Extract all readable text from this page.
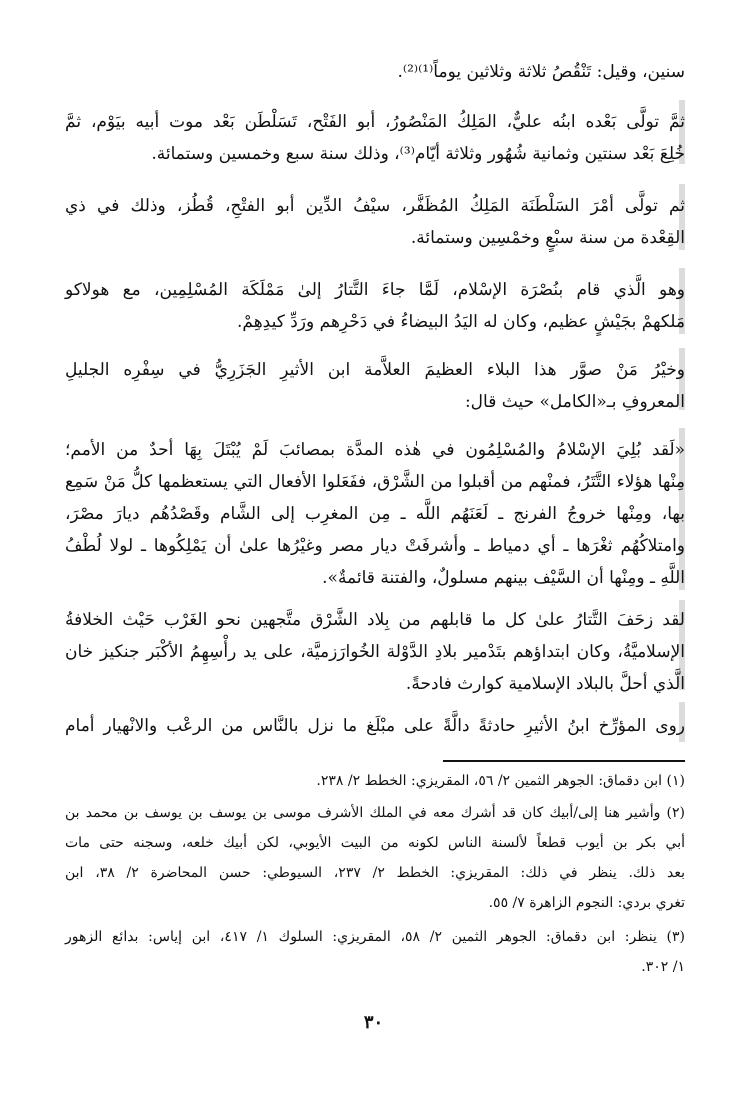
سنين، وقيل: تَنْقُصُ ثلاثة وثلاثين يوماً⁽¹⁾⁽²⁾.
ثمَّ تولَّى بَعْده ابنُه عليٌّ، المَلِكُ المَنْصُورُ، أبو الفَتْح، تَسَلْطَن بَعْد موت أبيه بيَوْم، ثمَّ
خُلِعَ بَعْد سنتين وثمانية شُهُور وثلاثة أيّام⁽³⁾، وذلك سنة سبع وخمسين وستمائة.
ثم تولَّى أمْرَ السَلْطَنَة المَلِكُ المُظَفَّر، سيْفُ الدِّين أبو الفتْحِ، قُطُز، وذلك في ذي
القِعْدة من سنة سبْعٍ وخمْسِين وستمائة.
وهو الَّذي قام بنُصْرَة الإسْلام، لَمَّا جاءَ التَّتارُ إلىٰ مَمْلَكَة المُسْلِمِين، مع هولاكو
مَلكهمْ بجَيْشٍ عظيم، وكان له اليَدُ البيضاءُ في دَحْرِهم ورَدِّ كيدِهِمْ.
وخيْرُ مَنْ صوَّر هذا البلاء العظيمَ العلاَّمة ابن الأثيرِ الجَزَرِيُّ في سِفْرِه الجليلِ
المعروفِ بـ«الكامل» حيث قال:
«لَقد بُلِيَ الإسْلامُ والمُسْلِمُون في هٰذه المدَّة بمصائبَ لَمْ يُبْتَلَ بِهَا أحدٌ من الأمم؛
مِنْها هؤلاء التَّتَرُ، فمنْهم من أقبلوا من الشَّرْق، ففَعَلوا الأفعال التي يستعظمها كلُّ مَنْ سَمِع
بها، ومِنْها خروجُ الفرنج ـ لَعَنَهُم اللَّه ـ مِن المغرِب إلى الشَّام وقَصْدُهُم ديارَ مصْرَ،
وامتلاكُهُم ثغْرَها ـ أي دمياط ـ وأشرفَتْ ديار مصر وغيْرُها علىٰ أن يَمْلِكُوها ـ لولا لُطْفُ
اللَّهِ ـ ومِنْها أن السَّيْف بينهم مسلولٌ، والفتنة قائمةٌ».
لقد زحَفَ التَّتارُ علىٰ كل ما قابلهم من بِلاد الشَّرْق متَّجهين نحو الغَرْب حَيْث الخلافةُ
الإسلاميَّةُ، وكان ابتداؤهم بتَدْمير بلادِ الدَّوْلة الخُوارَزميَّة، على يد رأْسِهِمُ الأكْبَر جنكيز خان
الَّذي أحلَّ بالبلاد الإسلامية كوارث فادحةً.
روى المؤرِّخ ابنُ الأثيرِ حادثةً دالَّةً على مبْلَغ ما نزل بالنَّاس من الرعْب والانْهيار أمام
(١) ابن دقماق: الجوهر الثمين ٢/ ٥٦، المقريزي: الخطط ٢/ ٢٣٨.
(٢) وأشير هنا إلى/أبيك كان قد أشرك معه في الملك الأشرف موسى بن يوسف بن يوسف بن محمد بن
أبي بكر بن أيوب قطعاً لألسنة الناس لكونه من البيت الأيوبي، لكن أبيك خلعه، وسجنه حتى مات
بعد ذلك. ينظر في ذلك: المقريزي: الخطط ٢/ ٢٣٧، السيوطي: حسن المحاضرة ٢/ ٣٨، ابن
تغري بردي: النجوم الزاهرة ٧/ ٥٥.
(٣) ينظر: ابن دقماق: الجوهر الثمين ٢/ ٥٨، المقريزي: السلوك ١/ ٤١٧، ابن إياس: بدائع الزهور
١/ ٣٠٢.
٣٠
